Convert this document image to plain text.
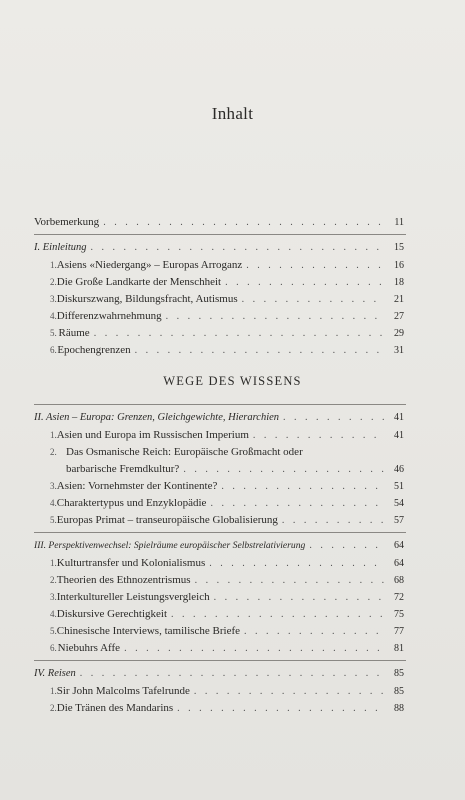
Inhalt
Vorbemerkung . . .	11
I. Einleitung . . .	15
1. Asiens «Niedergang» – Europas Arroganz . . .	16
2. Die Große Landkarte der Menschheit . . .	18
3. Diskurszwang, Bildungsfracht, Autismus . . .	21
4. Differenzwahrnehmung . . .	27
5. Räume . . .	29
6. Epochengrenzen . . .	31
WEGE DES WISSENS
II. Asien – Europa: Grenzen, Gleichgewichte, Hierarchien . . .	41
1. Asien und Europa im Russischen Imperium . . .	41
2. Das Osmanische Reich: Europäische Großmacht oder
barbarische Fremdkultur? . . .	46
3. Asien: Vornehmster der Kontinente? . . .	51
4. Charaktertypus und Enzyklopädie . . .	54
5. Europas Primat – transeuropäische Globalisierung . . .	57
III. Perspektivenwechsel: Spielräume europäischer Selbstrelativierung . . .	64
1. Kulturtransfer und Kolonialismus . . .	64
2. Theorien des Ethnozentrismus . . .	68
3. Interkultureller Leistungsvergleich . . .	72
4. Diskursive Gerechtigkeit . . .	75
5. Chinesische Interviews, tamilische Briefe . . .	77
6. Niebuhrs Affe . . .	81
IV. Reisen . . .	85
1. Sir John Malcolms Tafelrunde . . .	85
2. Die Tränen des Mandarins . . .	88
